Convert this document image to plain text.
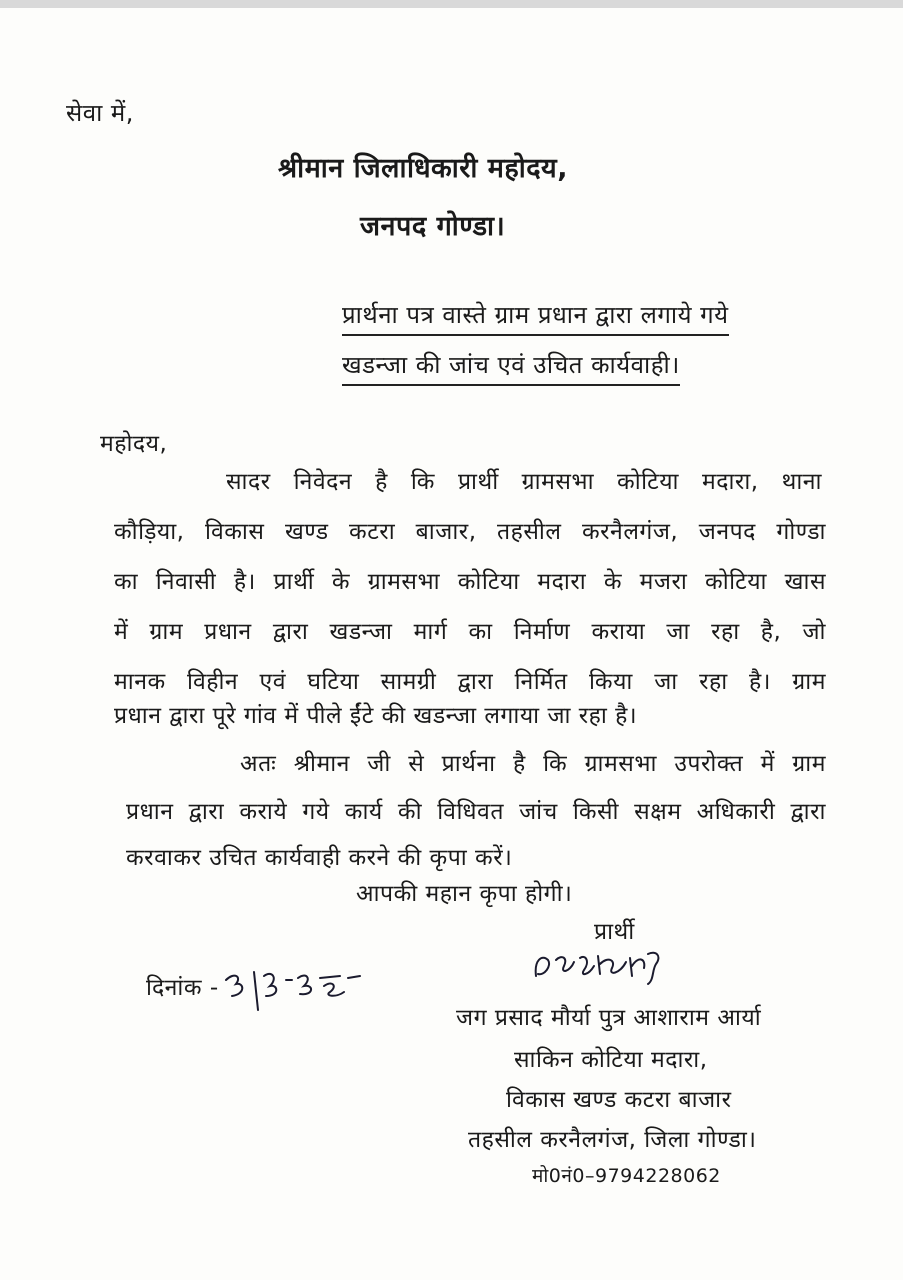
सेवा में,
श्रीमान जिलाधिकारी महोदय,
जनपद गोण्डा।
प्रार्थना पत्र वास्ते ग्राम प्रधान द्वारा लगाये गये
खडन्जा की जांच एवं उचित कार्यवाही।
महोदय,
सादर निवेदन है कि प्रार्थी ग्रामसभा कोटिया मदारा, थाना
कौड़िया, विकास खण्ड कटरा बाजार, तहसील करनैलगंज, जनपद गोण्डा
का निवासी है। प्रार्थी के ग्रामसभा कोटिया मदारा के मजरा कोटिया खास
में ग्राम प्रधान द्वारा खडन्जा मार्ग का निर्माण कराया जा रहा है, जो
मानक विहीन एवं घटिया सामग्री द्वारा निर्मित किया जा रहा है। ग्राम
प्रधान द्वारा पूरे गांव में पीले ईंटे की खडन्जा लगाया जा रहा है।
अतः श्रीमान जी से प्रार्थना है कि ग्रामसभा उपरोक्त में ग्राम
प्रधान द्वारा कराये गये कार्य की विधिवत जांच किसी सक्षम अधिकारी द्वारा
करवाकर उचित कार्यवाही करने की कृपा करें।
आपकी महान कृपा होगी।
प्रार्थी
दिनांक -
जग प्रसाद मौर्या पुत्र आशाराम आर्या
साकिन कोटिया मदारा,
विकास खण्ड कटरा बाजार
तहसील करनैलगंज, जिला गोण्डा।
मो0नं0–9794228062
